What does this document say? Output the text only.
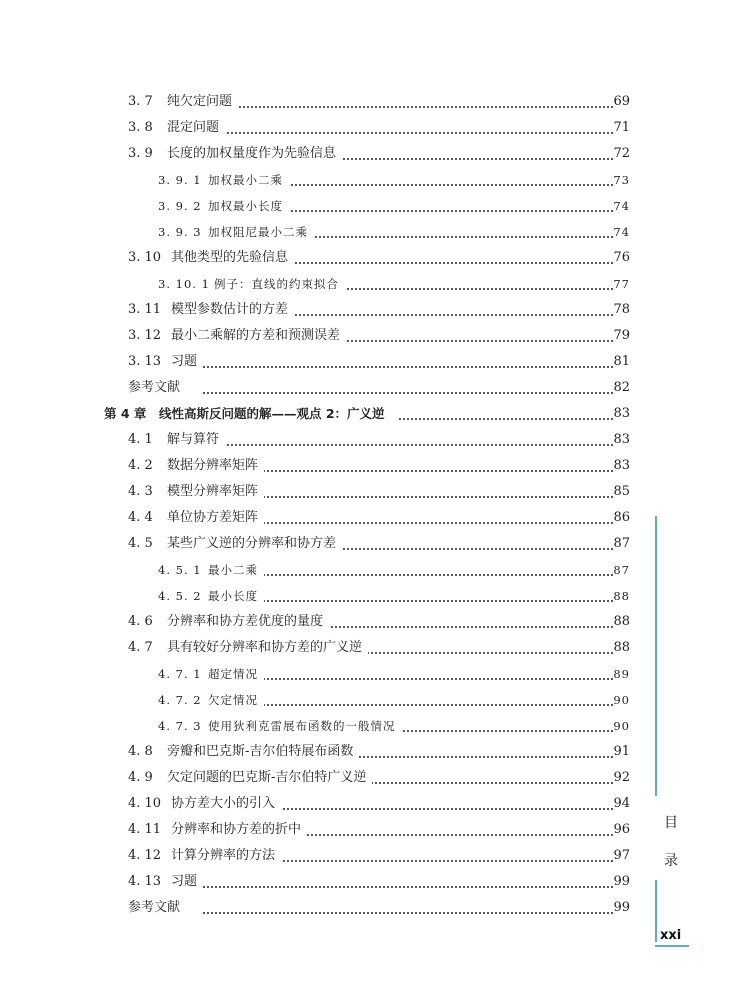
3. 7 纯欠定问题	69
3. 8 混定问题	71
3. 9 长度的加权量度作为先验信息	72
3. 9. 1 加权最小二乘	73
3. 9. 2 加权最小长度	74
3. 9. 3 加权阻尼最小二乘	74
3. 10 其他类型的先验信息	76
3. 10. 1 例子：直线的约束拟合	77
3. 11 模型参数估计的方差	78
3. 12 最小二乘解的方差和预测误差	79
3. 13 习题	81
参考文献	82
第 4 章 线性高斯反问题的解——观点 2：广义逆	83
4. 1 解与算符	83
4. 2 数据分辨率矩阵	83
4. 3 模型分辨率矩阵	85
4. 4 单位协方差矩阵	86
4. 5 某些广义逆的分辨率和协方差	87
4. 5. 1 最小二乘	87
4. 5. 2 最小长度	88
4. 6 分辨率和协方差优度的量度	88
4. 7 具有较好分辨率和协方差的广义逆	88
4. 7. 1 超定情况	89
4. 7. 2 欠定情况	90
4. 7. 3 使用狄利克雷展布函数的一般情况	90
4. 8 旁瓣和巴克斯-吉尔伯特展布函数	91
4. 9 欠定问题的巴克斯-吉尔伯特广义逆	92
4. 10 协方差大小的引入	94
4. 11 分辨率和协方差的折中	96
4. 12 计算分辨率的方法	97
4. 13 习题	99
参考文献	99
目
录
xxi
